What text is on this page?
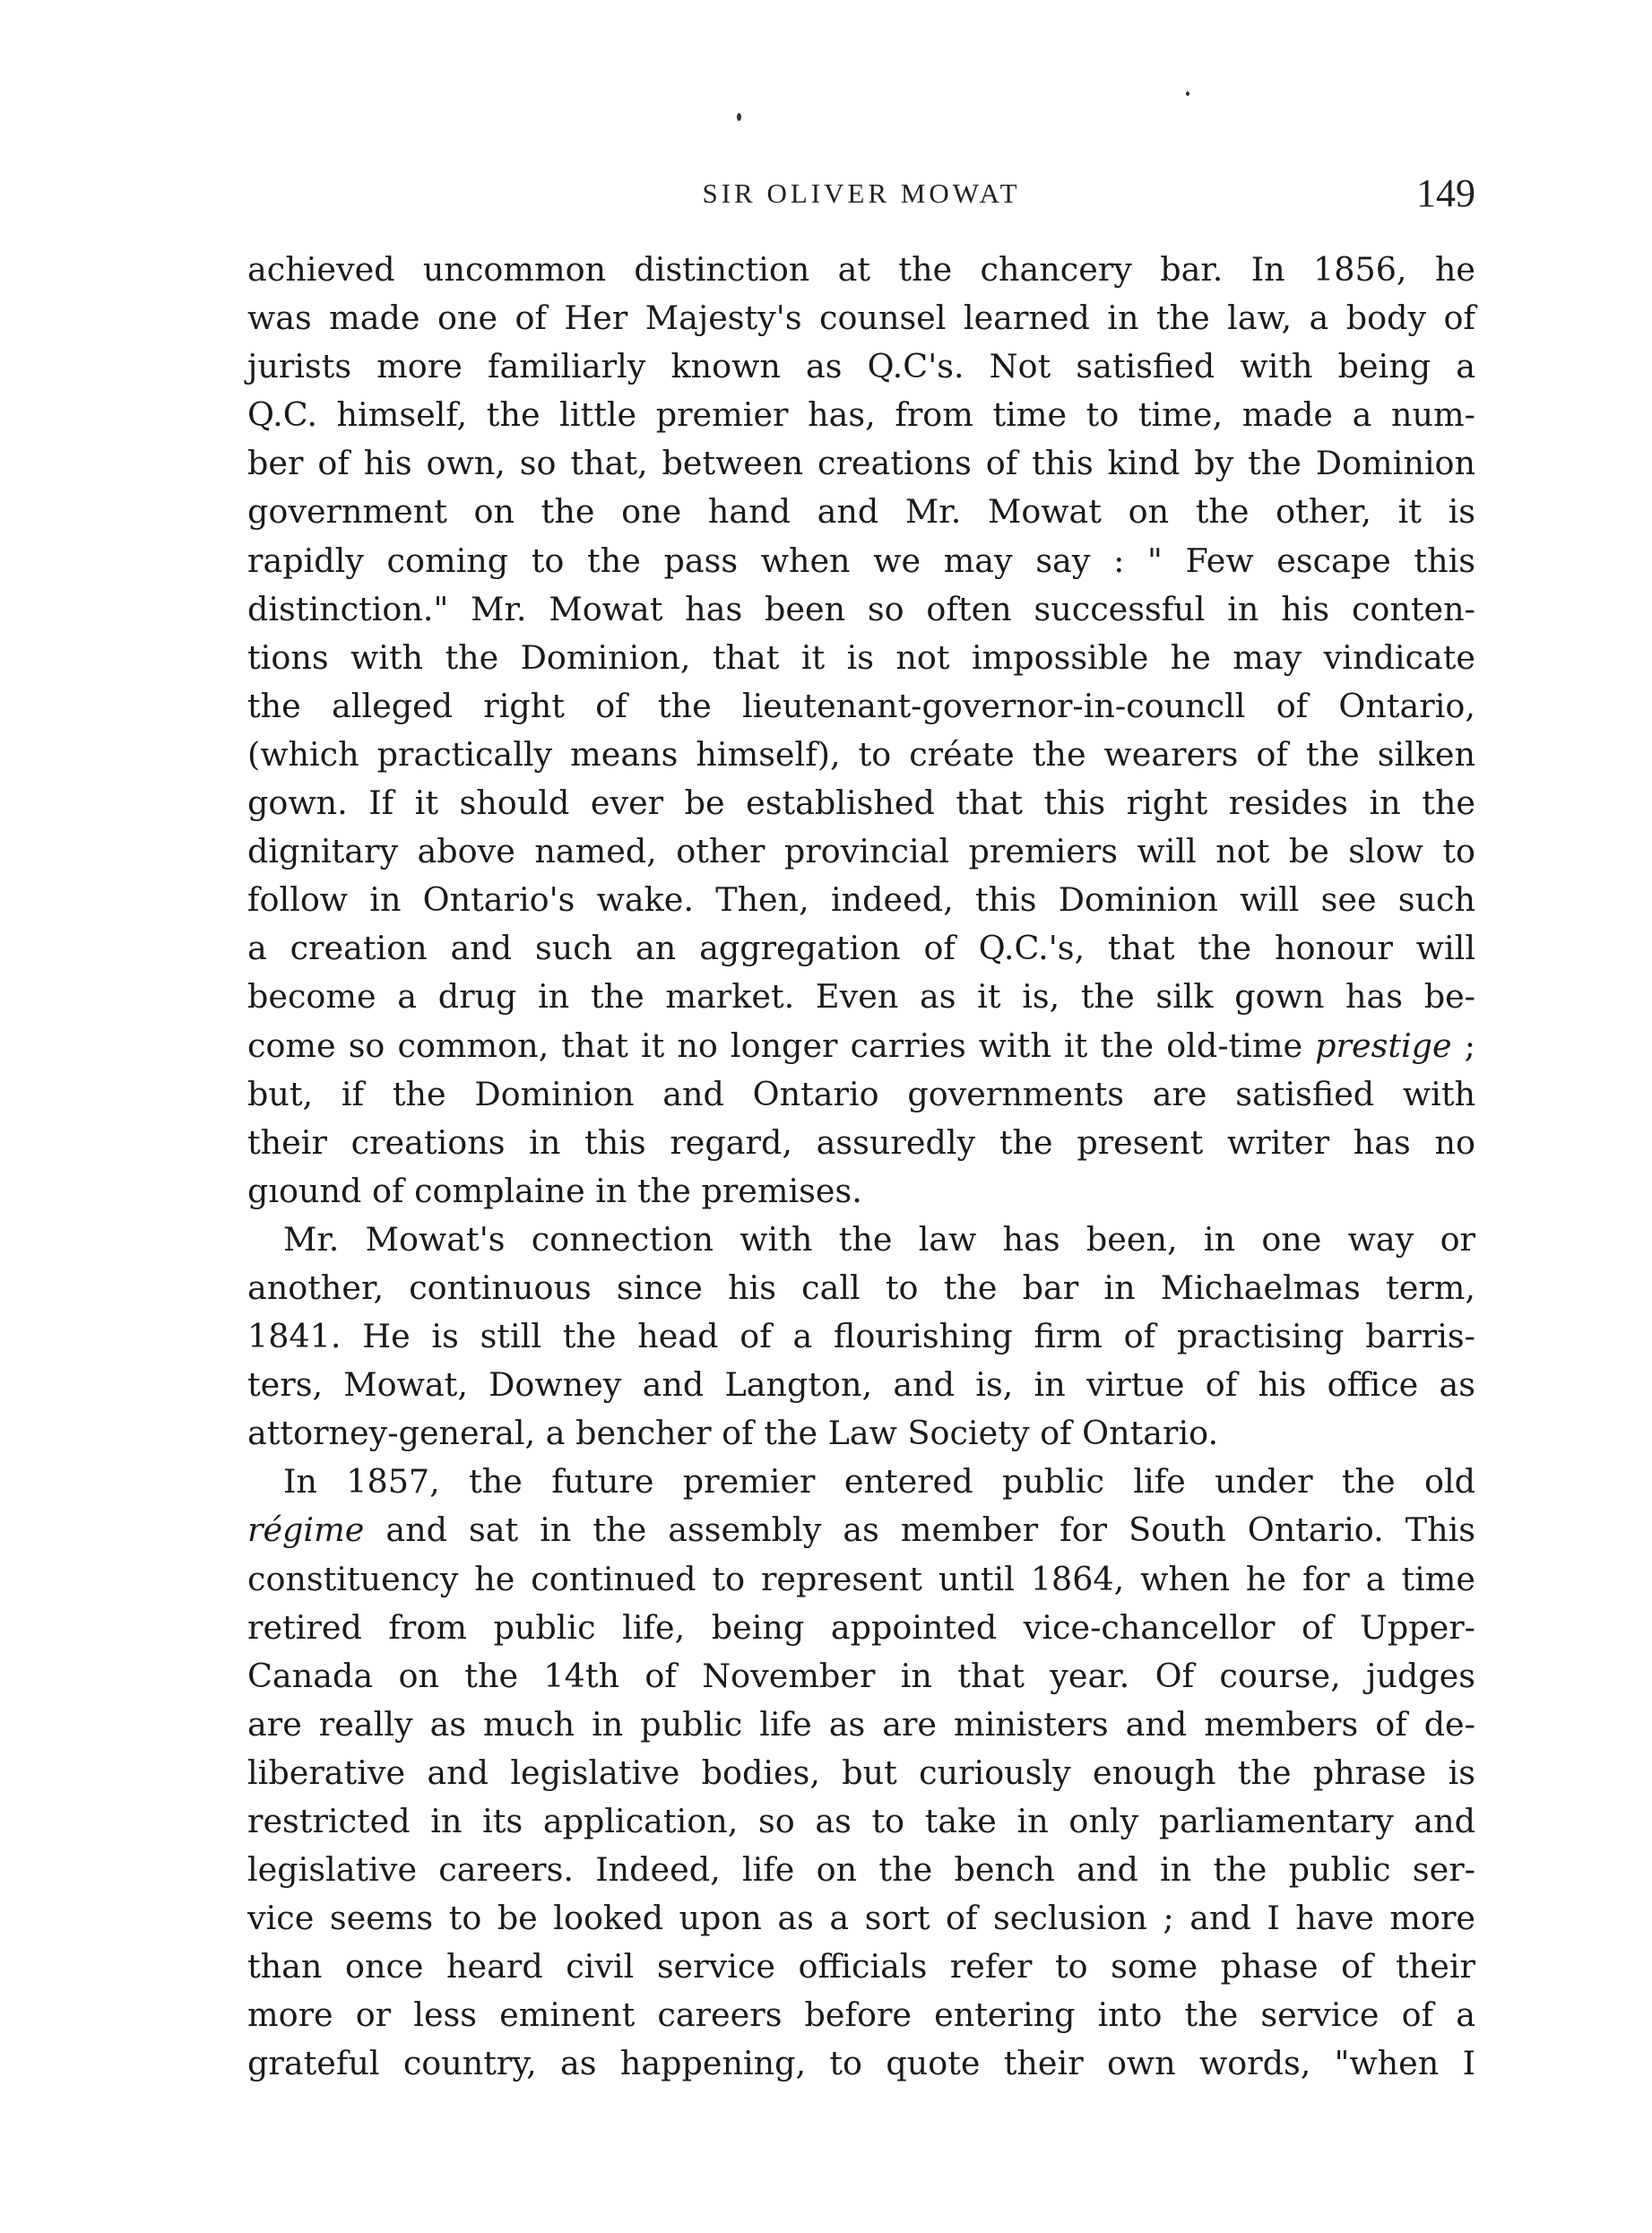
SIR OLIVER MOWAT	149
achieved uncommon distinction at the chancery bar. In 1856, he
was made one of Her Majesty's counsel learned in the law, a body of
jurists more familiarly known as Q.C's. Not satisfied with being a
Q.C. himself, the little premier has, from time to time, made a num-
ber of his own, so that, between creations of this kind by the Dominion
government on the one hand and Mr. Mowat on the other, it is
rapidly coming to the pass when we may say : " Few escape this
distinction." Mr. Mowat has been so often successful in his conten-
tions with the Dominion, that it is not impossible he may vindicate
the alleged right of the lieutenant-governor-in-councll of Ontario,
(which practically means himself), to créate the wearers of the silken
gown. If it should ever be established that this right resides in the
dignitary above named, other provincial premiers will not be slow to
follow in Ontario's wake. Then, indeed, this Dominion will see such
a creation and such an aggregation of Q.C.'s, that the honour will
become a drug in the market. Even as it is, the silk gown has be-
come so common, that it no longer carries with it the old-time prestige ;
but, if the Dominion and Ontario governments are satisfied with
their creations in this regard, assuredly the present writer has no
gıound of complaine in the premises.
Mr. Mowat's connection with the law has been, in one way or
another, continuous since his call to the bar in Michaelmas term,
1841. He is still the head of a flourishing firm of practising barris-
ters, Mowat, Downey and Langton, and is, in virtue of his office as
attorney-general, a bencher of the Law Society of Ontario.
In 1857, the future premier entered public life under the old
régime and sat in the assembly as member for South Ontario. This
constituency he continued to represent until 1864, when he for a time
retired from public life, being appointed vice-chancellor of Upper-
Canada on the 14th of November in that year. Of course, judges
are really as much in public life as are ministers and members of de-
liberative and legislative bodies, but curiously enough the phrase is
restricted in its application, so as to take in only parliamentary and
legislative careers. Indeed, life on the bench and in the public ser-
vice seems to be looked upon as a sort of seclusion ; and I have more
than once heard civil service officials refer to some phase of their
more or less eminent careers before entering into the service of a
grateful country, as happening, to quote their own words, "when I
